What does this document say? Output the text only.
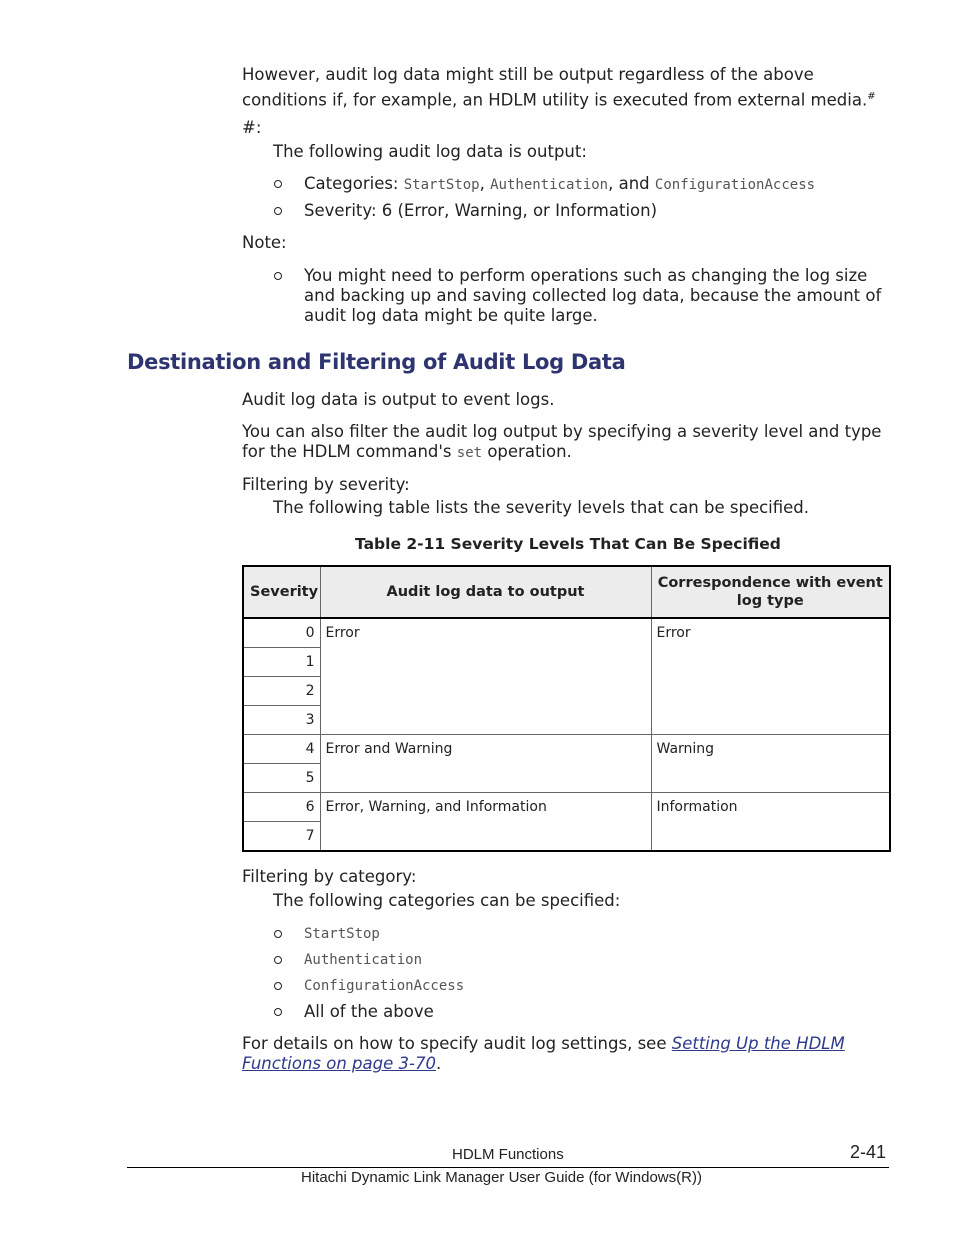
However, audit log data might still be output regardless of the above
conditions if, for example, an HDLM utility is executed from external media.#
#:
The following audit log data is output:
Categories: StartStop, Authentication, and ConfigurationAccess
Severity: 6 (Error, Warning, or Information)
Note:
You might need to perform operations such as changing the log size
and backing up and saving collected log data, because the amount of
audit log data might be quite large.
Destination and Filtering of Audit Log Data
Audit log data is output to event logs.
You can also filter the audit log output by specifying a severity level and type
for the HDLM command's set operation.
Filtering by severity:
The following table lists the severity levels that can be specified.
Table 2-11 Severity Levels That Can Be Specified
Severity	Audit log data to output	Correspondence with event log type
0	Error	Error
1		
2		
3		
4	Error and Warning	Warning
5		
6	Error, Warning, and Information	Information
7		
Filtering by category:
The following categories can be specified:
StartStop
Authentication
ConfigurationAccess
All of the above
For details on how to specify audit log settings, see Setting Up the HDLM
Functions on page 3-70.
HDLM Functions	2-41
Hitachi Dynamic Link Manager User Guide (for Windows(R))
